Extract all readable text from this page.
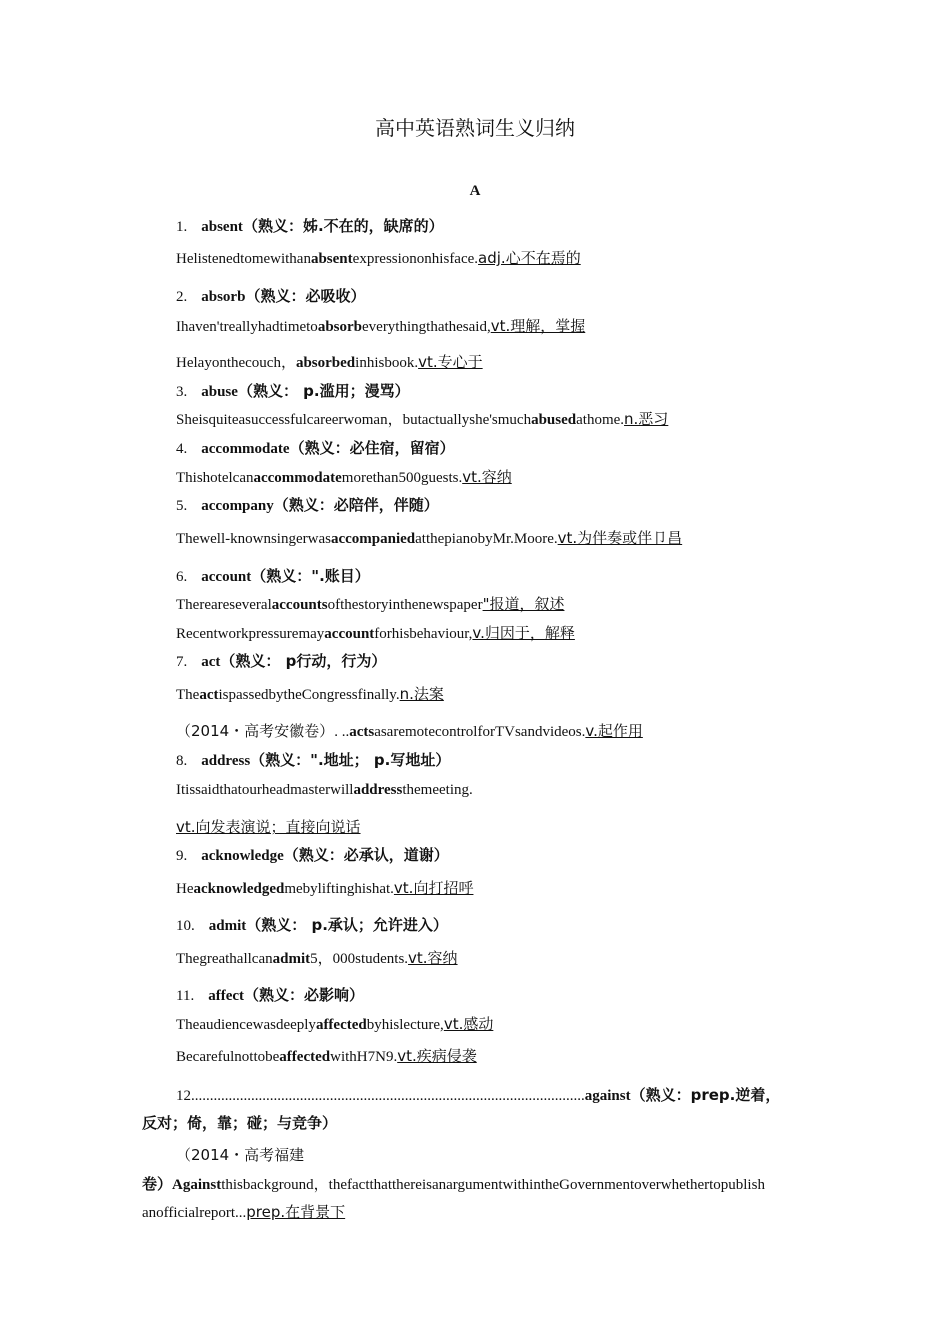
高中英语熟词生义归纳
A
1. absent（熟义：姊.不在的，缺席的）
Helistenedtomewithanabsentexpressiononhisface.adj.心不在焉的
2. absorb（熟义：必吸收）
Ihaven'treallyhadtimetoabsorbeverythingthathesaid,vt.理解，掌握
Helayonthecouch，absorbedinhisbook.vt.专心于
3. abuse（熟义： p.滥用；漫骂）
Sheisquiteasuccessfulcareerwoman，butactuallyshe'smuchabusedathome.n.恶习
4. accommodate（熟义：必住宿，留宿）
Thishotelcanaccommodatemorethan500guests.vt.容纳
5. accompany（熟义：必陪伴，伴随）
Thewell-knownsingerwasaccompaniedatthepianobyMr.Moore.vt.为伴奏或伴卩昌
6. account（熟义：".账目）
Thereareseveralaccountsofthestoryinthenewspaper"报道，叙述
Recentworkpressuremayaccountforhisbehaviour,v.归因于，解释
7. act（熟义： p行动，行为）
TheactispassedbytheCongressfinally.n.法案
（2014・高考安徽卷）. ..actsasaremotecontrolforTVsandvideos.v.起作用
8. address（熟义：".地址； p.写地址）
Itissaidthatourheadmasterwilladdressthemeeting.
vt.向发表演说；直接向说话
9. acknowledge（熟义：必承认，道谢）
Heacknowledgedmebyliftinghishat.vt.向打招呼
10. admit（熟义： p.承认；允许进入）
Thegreathallcanadmit5，000students.vt.容纳
11. affect（熟义：必影响）
Theaudiencewasdeeplyaffectedbyhislecture,vt.感动
BecarefulnottobeaffectedwithH7N9.vt.疾病侵袭
12.........................................................................................................against（熟义：prep.逆着，
反对；倚，靠；碰；与竞争）
（2014・高考福建
卷）Againstthisbackground，thefactthatthereisanargumentwithintheGovernmentoverwhethertopublish
anofficialreport...prep.在背景下
